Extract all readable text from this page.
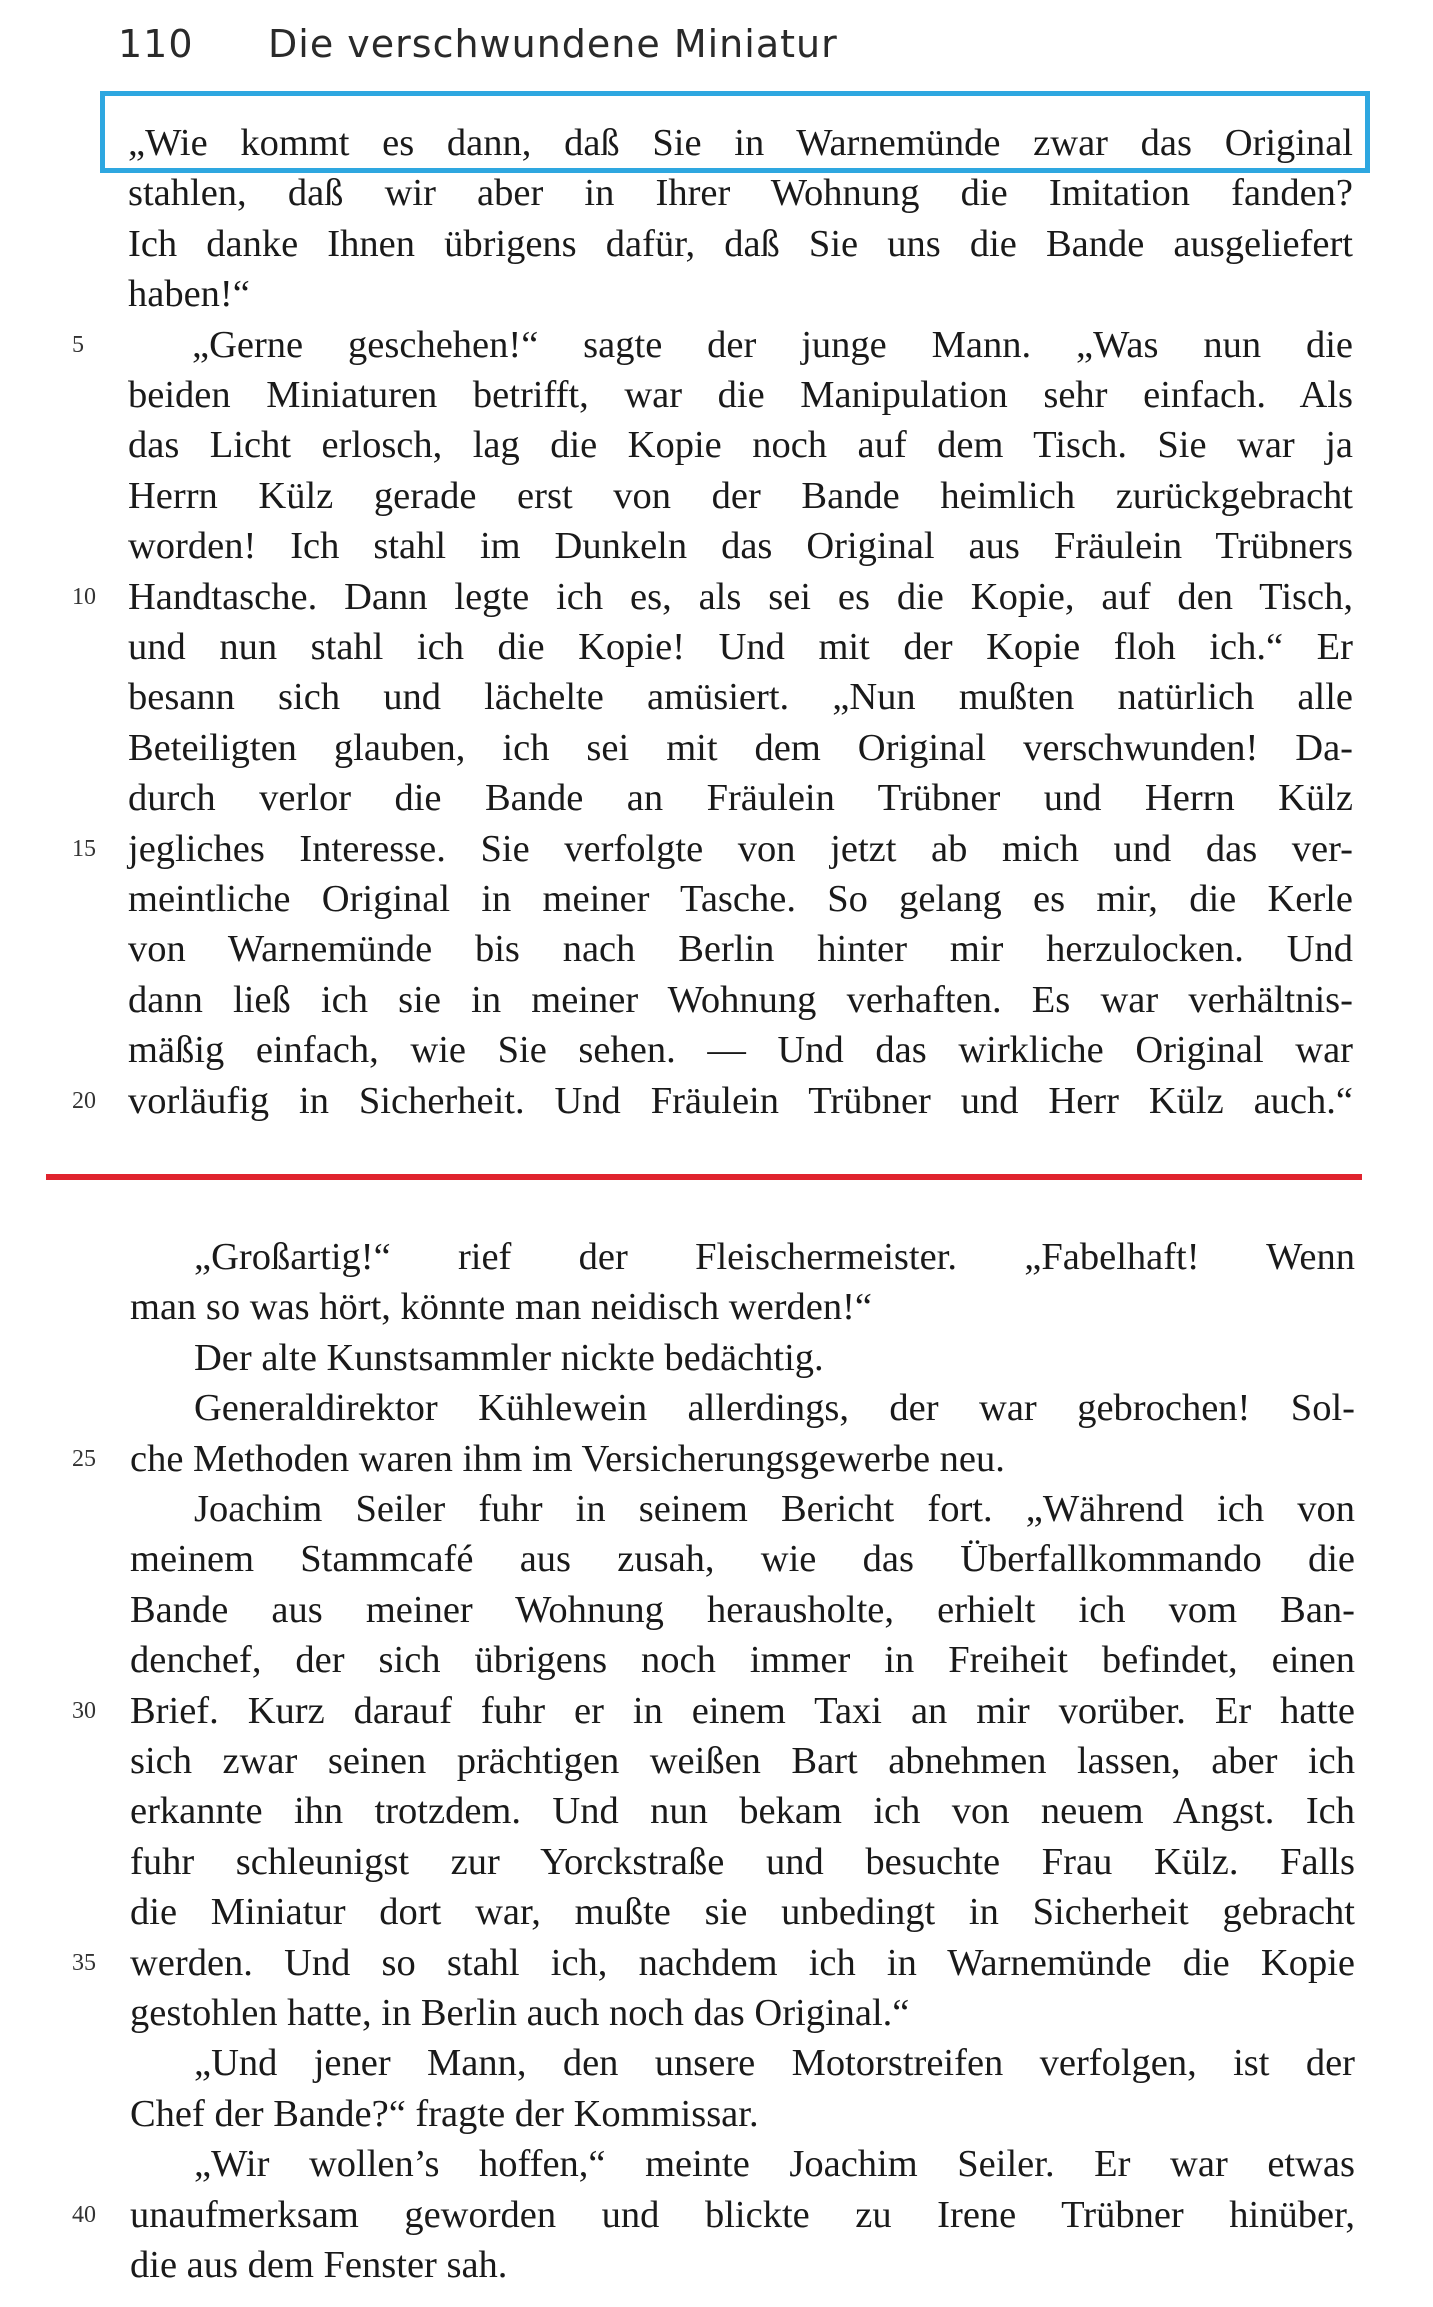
110 Die verschwundene Miniatur
„Wie kommt es dann, daß Sie in Warnemünde zwar das Original
stahlen, daß wir aber in Ihrer Wohnung die Imitation fanden?
Ich danke Ihnen übrigens dafür, daß Sie uns die Bande ausgeliefert
haben!“
„Gerne geschehen!“ sagte der junge Mann. „Was nun die
beiden Miniaturen betrifft, war die Manipulation sehr einfach. Als
das Licht erlosch, lag die Kopie noch auf dem Tisch. Sie war ja
Herrn Külz gerade erst von der Bande heimlich zurückgebracht
worden! Ich stahl im Dunkeln das Original aus Fräulein Trübners
Handtasche. Dann legte ich es, als sei es die Kopie, auf den Tisch,
und nun stahl ich die Kopie! Und mit der Kopie floh ich.“ Er
besann sich und lächelte amüsiert. „Nun mußten natürlich alle
Beteiligten glauben, ich sei mit dem Original verschwunden! Da-
durch verlor die Bande an Fräulein Trübner und Herrn Külz
jegliches Interesse. Sie verfolgte von jetzt ab mich und das ver-
meintliche Original in meiner Tasche. So gelang es mir, die Kerle
von Warnemünde bis nach Berlin hinter mir herzulocken. Und
dann ließ ich sie in meiner Wohnung verhaften. Es war verhältnis-
mäßig einfach, wie Sie sehen. — Und das wirkliche Original war
vorläufig in Sicherheit. Und Fräulein Trübner und Herr Külz auch.“
„Großartig!“ rief der Fleischermeister. „Fabelhaft! Wenn
man so was hört, könnte man neidisch werden!“
Der alte Kunstsammler nickte bedächtig.
Generaldirektor Kühlewein allerdings, der war gebrochen! Sol-
che Methoden waren ihm im Versicherungsgewerbe neu.
Joachim Seiler fuhr in seinem Bericht fort. „Während ich von
meinem Stammcafé aus zusah, wie das Überfallkommando die
Bande aus meiner Wohnung herausholte, erhielt ich vom Ban-
denchef, der sich übrigens noch immer in Freiheit befindet, einen
Brief. Kurz darauf fuhr er in einem Taxi an mir vorüber. Er hatte
sich zwar seinen prächtigen weißen Bart abnehmen lassen, aber ich
erkannte ihn trotzdem. Und nun bekam ich von neuem Angst. Ich
fuhr schleunigst zur Yorckstraße und besuchte Frau Külz. Falls
die Miniatur dort war, mußte sie unbedingt in Sicherheit gebracht
werden. Und so stahl ich, nachdem ich in Warnemünde die Kopie
gestohlen hatte, in Berlin auch noch das Original.“
„Und jener Mann, den unsere Motorstreifen verfolgen, ist der
Chef der Bande?“ fragte der Kommissar.
„Wir wollen’s hoffen,“ meinte Joachim Seiler. Er war etwas
unaufmerksam geworden und blickte zu Irene Trübner hinüber,
die aus dem Fenster sah.
5
10
15
20
25
30
35
40
